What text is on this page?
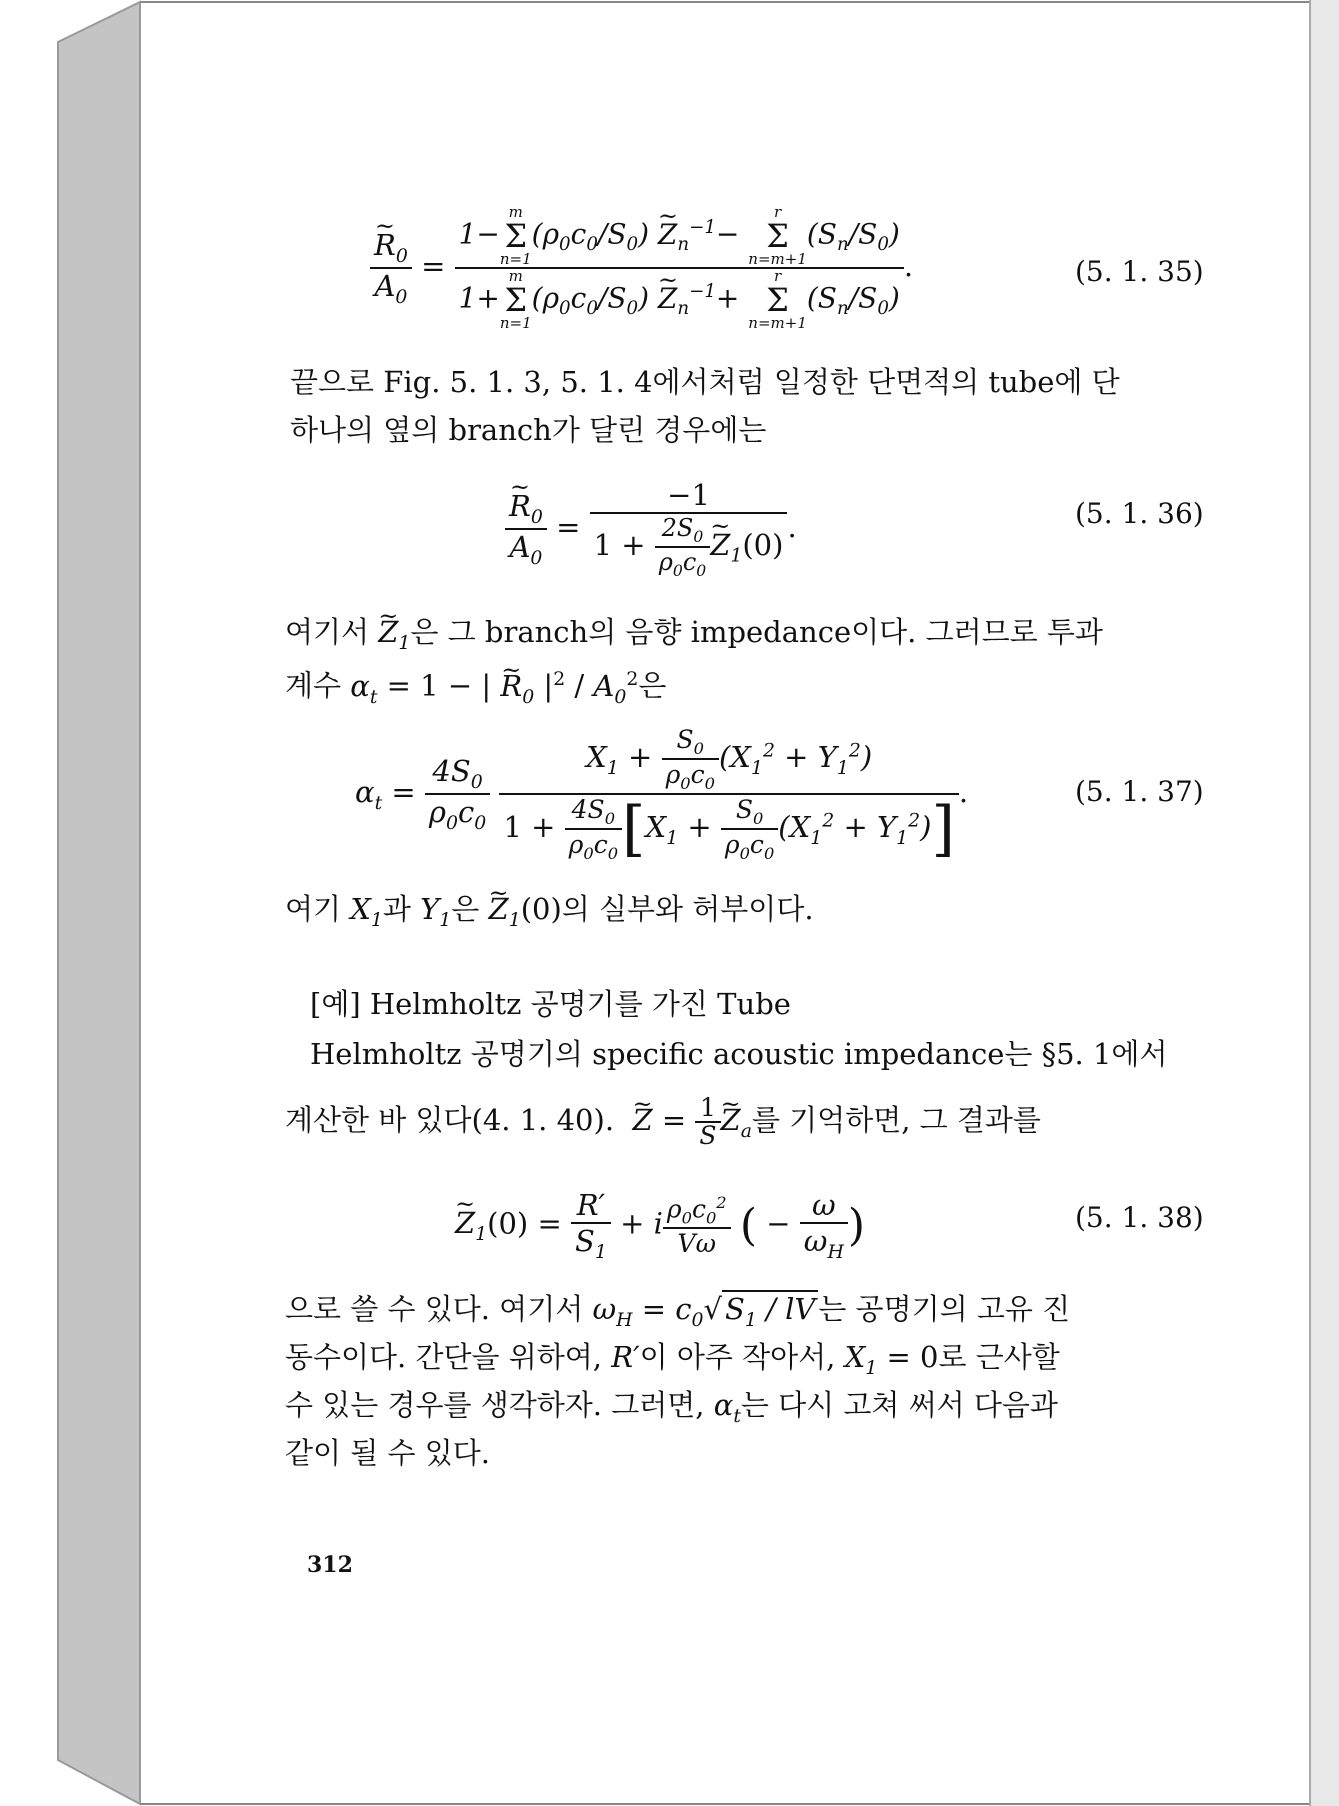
~ $\frac{R_0}{A_0} = 1-$
m
Σ
n=1
$(\rho_0c_0/S_0)$ ~ $Z_n^{-1}-$
r
Σ
n=m+1
$(S_n/S_0)$
1+
m
Σ
n=1
$(\rho_0c_0/S_0)$ ~ $Z_n^{-1}+$
r
Σ
n=m+1
$(S_n/S_0)$ .	(5. 1. 35)
끝으로 Fig. 5. 1. 3, 5. 1. 4에서처럼 일정한 단면적의 tube에 단
하나의 옆의 branch가 달린 경우에는
~ $\frac{R_0}{A_0} = -1$
$1 + \frac{2S_0}{\rho_0c_0}$
~ $Z_1(0)$ .	(5. 1. 36)
여기서 ~ $Z_1$은 그 branch의 음향 impedance이다. 그러므로 투과
계수 $\alpha_t = 1$ − | ~ $R_0$ $|^2 / A_0^2$은
$\alpha_t = \frac{4S_0}{\rho_0c_0}$
$\frac{X_1 + \frac{S_0}{\rho_0c_0} (X_1^2 + Y_1^2)}{1 + \frac{4S_0}{\rho_0c_0} [X_1 + \frac{S_0}{\rho_0c_0} (X_1^2 + Y_1^2)]}$ .	(5. 1. 37)
여기 $X_1$과 $Y_1$은 ~ $Z_1(0)$의 실부와 허부이다.
[예] Helmholtz 공명기를 가진 Tube
Helmholtz 공명기의 specific acoustic impedance는 §5. 1에서
계산한 바 있다(4. 1. 40).  ~ $Z = \frac{1}{S}$
~ $Z_a$를 기억하면, 그 결과를
~ $Z_1(0) = \frac{R'}{S_1} + i \frac{\rho_0c_0^2}{V\omega}$ ( − $\frac{\omega}{\omega_H}$ )	(5. 1. 38)
으로 쓸 수 있다. 여기서 $\omega_H = c_0√$ $S_1$ / lV 는 공명기의 고유 진
동수이다. 간단을 위하여, R′이 아주 작아서, $X_1 = 0$로 근사할
수 있는 경우를 생각하자. 그러면, $\alpha_t$는 다시 고쳐 써서 다음과
같이 될 수 있다.
312
